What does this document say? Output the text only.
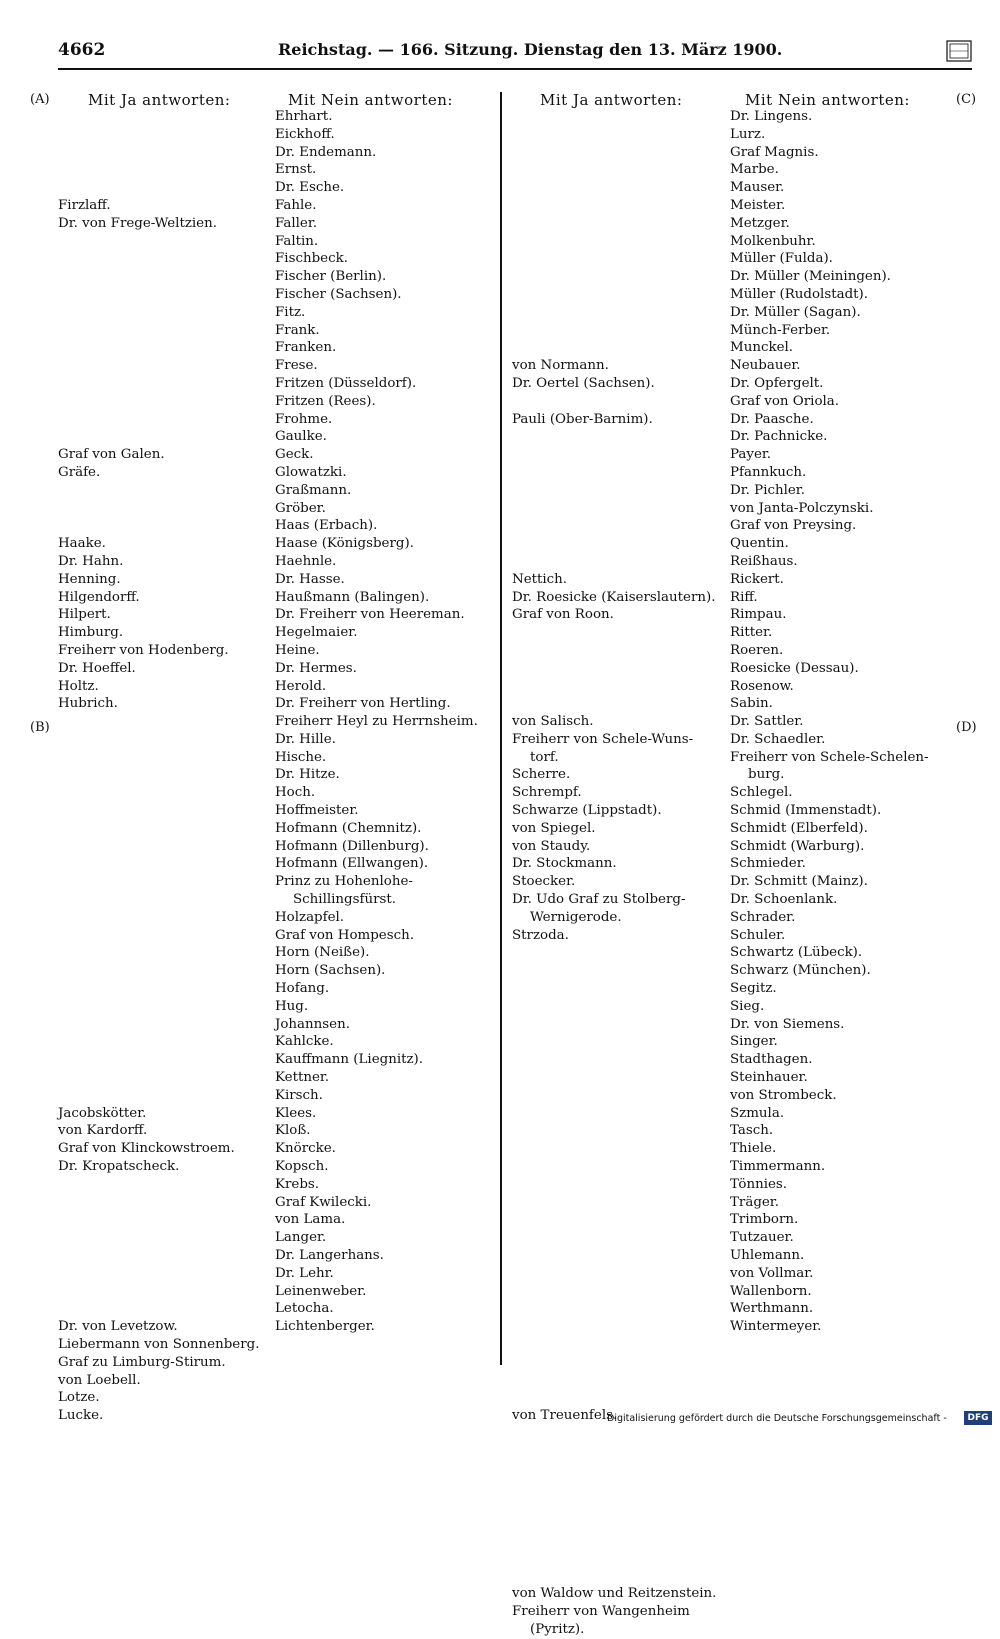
4662	Reichstag. — 166. Sitzung. Dienstag den 13. März 1900.
(A)
(B)
(C)
(D)
Mit Ja antworten:	Mit Nein antworten:	Mit Ja antworten:	Mit Nein antworten:
Firzlaff.
Dr. von Frege-Weltzien.
Graf von Galen.
Gräfe.
Haake.
Dr. Hahn.
Henning.
Hilgendorff.
Hilpert.
Himburg.
Freiherr von Hodenberg.
Dr. Hoeffel.
Holtz.
Hubrich.
Jacobskötter.
von Kardorff.
Graf von Klinckowstroem.
Dr. Kropatscheck.
Dr. von Levetzow.
Liebermann von Sonnenberg.
Graf zu Limburg-Stirum.
von Loebell.
Lotze.
Lucke.
Ehrhart.
Eickhoff.
Dr. Endemann.
Ernst.
Dr. Esche.
Fahle.
Faller.
Faltin.
Fischbeck.
Fischer (Berlin).
Fischer (Sachsen).
Fitz.
Frank.
Franken.
Frese.
Fritzen (Düsseldorf).
Fritzen (Rees).
Frohme.
Gaulke.
Geck.
Glowatzki.
Graßmann.
Gröber.
Haas (Erbach).
Haase (Königsberg).
Haehnle.
Dr. Hasse.
Haußmann (Balingen).
Dr. Freiherr von Heereman.
Hegelmaier.
Heine.
Dr. Hermes.
Herold.
Dr. Freiherr von Hertling.
Freiherr Heyl zu Herrnsheim.
Dr. Hille.
Hische.
Dr. Hitze.
Hoch.
Hoffmeister.
Hofmann (Chemnitz).
Hofmann (Dillenburg).
Hofmann (Ellwangen).
Prinz zu Hohenlohe-
Schillingsfürst.
Holzapfel.
Graf von Hompesch.
Horn (Neiße).
Horn (Sachsen).
Hofang.
Hug.
Johannsen.
Kahlcke.
Kauffmann (Liegnitz).
Kettner.
Kirsch.
Klees.
Kloß.
Knörcke.
Kopsch.
Krebs.
Graf Kwilecki.
von Lama.
Langer.
Dr. Langerhans.
Dr. Lehr.
Leinenweber.
Letocha.
Lichtenberger.
von Normann.
Dr. Oertel (Sachsen).
Pauli (Ober-Barnim).
Nettich.
Dr. Roesicke (Kaiserslautern).
Graf von Roon.
von Salisch.
Freiherr von Schele-Wuns-
torf.
Scherre.
Schrempf.
Schwarze (Lippstadt).
von Spiegel.
von Staudy.
Dr. Stockmann.
Stoecker.
Dr. Udo Graf zu Stolberg-
Wernigerode.
Strzoda.
von Treuenfels.
von Waldow und Reitzenstein.
Freiherr von Wangenheim
(Pyritz).
Dr. Lingens.
Lurz.
Graf Magnis.
Marbe.
Mauser.
Meister.
Metzger.
Molkenbuhr.
Müller (Fulda).
Dr. Müller (Meiningen).
Müller (Rudolstadt).
Dr. Müller (Sagan).
Münch-Ferber.
Munckel.
Neubauer.
Dr. Opfergelt.
Graf von Oriola.
Dr. Paasche.
Dr. Pachnicke.
Payer.
Pfannkuch.
Dr. Pichler.
von Janta-Polczynski.
Graf von Preysing.
Quentin.
Reißhaus.
Rickert.
Riff.
Rimpau.
Ritter.
Roeren.
Roesicke (Dessau).
Rosenow.
Sabin.
Dr. Sattler.
Dr. Schaedler.
Freiherr von Schele-Schelen-
burg.
Schlegel.
Schmid (Immenstadt).
Schmidt (Elberfeld).
Schmidt (Warburg).
Schmieder.
Dr. Schmitt (Mainz).
Dr. Schoenlank.
Schrader.
Schuler.
Schwartz (Lübeck).
Schwarz (München).
Segitz.
Sieg.
Dr. von Siemens.
Singer.
Stadthagen.
Steinhauer.
von Strombeck.
Szmula.
Tasch.
Thiele.
Timmermann.
Tönnies.
Träger.
Trimborn.
Tutzauer.
Uhlemann.
von Vollmar.
Wallenborn.
Werthmann.
Wintermeyer.
Digitalisierung gefördert durch die Deutsche Forschungsgemeinschaft -	DFG
